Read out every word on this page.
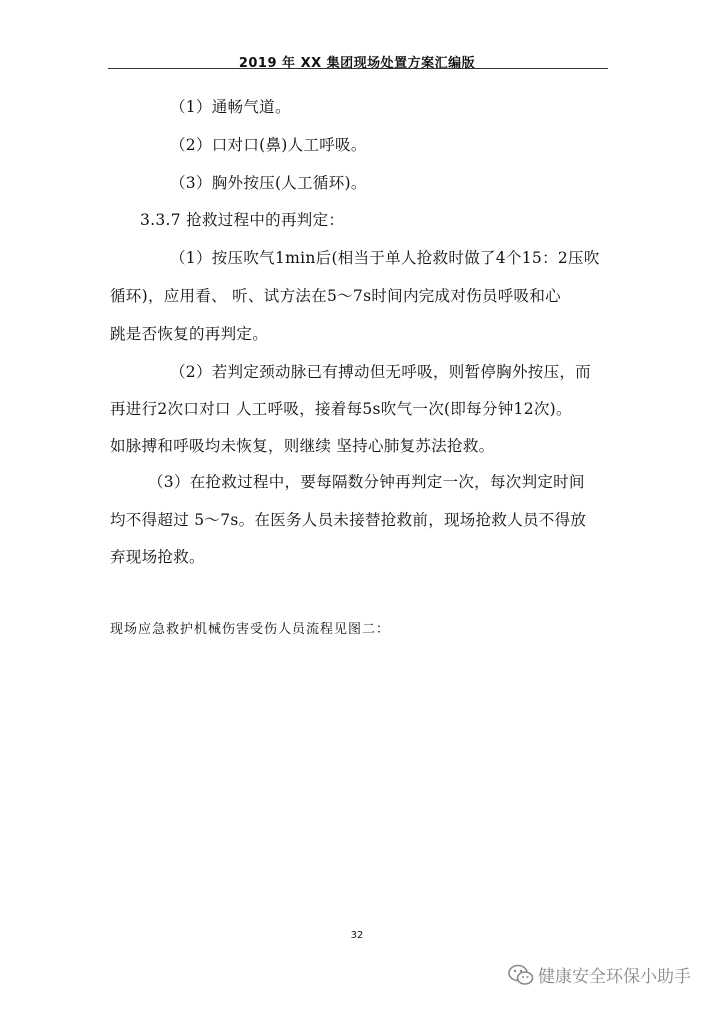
2019 年 XX 集团现场处置方案汇编版
（1）通畅气道。
（2）口对口(鼻)人工呼吸。
（3）胸外按压(人工循环)。
3.3.7 抢救过程中的再判定：
（1）按压吹气1min后(相当于单人抢救时做了4个15：2压吹
循环)，应用看、 听、试方法在5～7s时间内完成对伤员呼吸和心
跳是否恢复的再判定。
（2）若判定颈动脉已有搏动但无呼吸，则暂停胸外按压，而
再进行2次口对口 人工呼吸，接着每5s吹气一次(即每分钟12次)。
如脉搏和呼吸均未恢复，则继续 坚持心肺复苏法抢救。
（3）在抢救过程中，要每隔数分钟再判定一次，每次判定时间
均不得超过 5～7s。在医务人员未接替抢救前，现场抢救人员不得放
弃现场抢救。
现场应急救护机械伤害受伤人员流程见图二：
32
健康安全环保小助手
